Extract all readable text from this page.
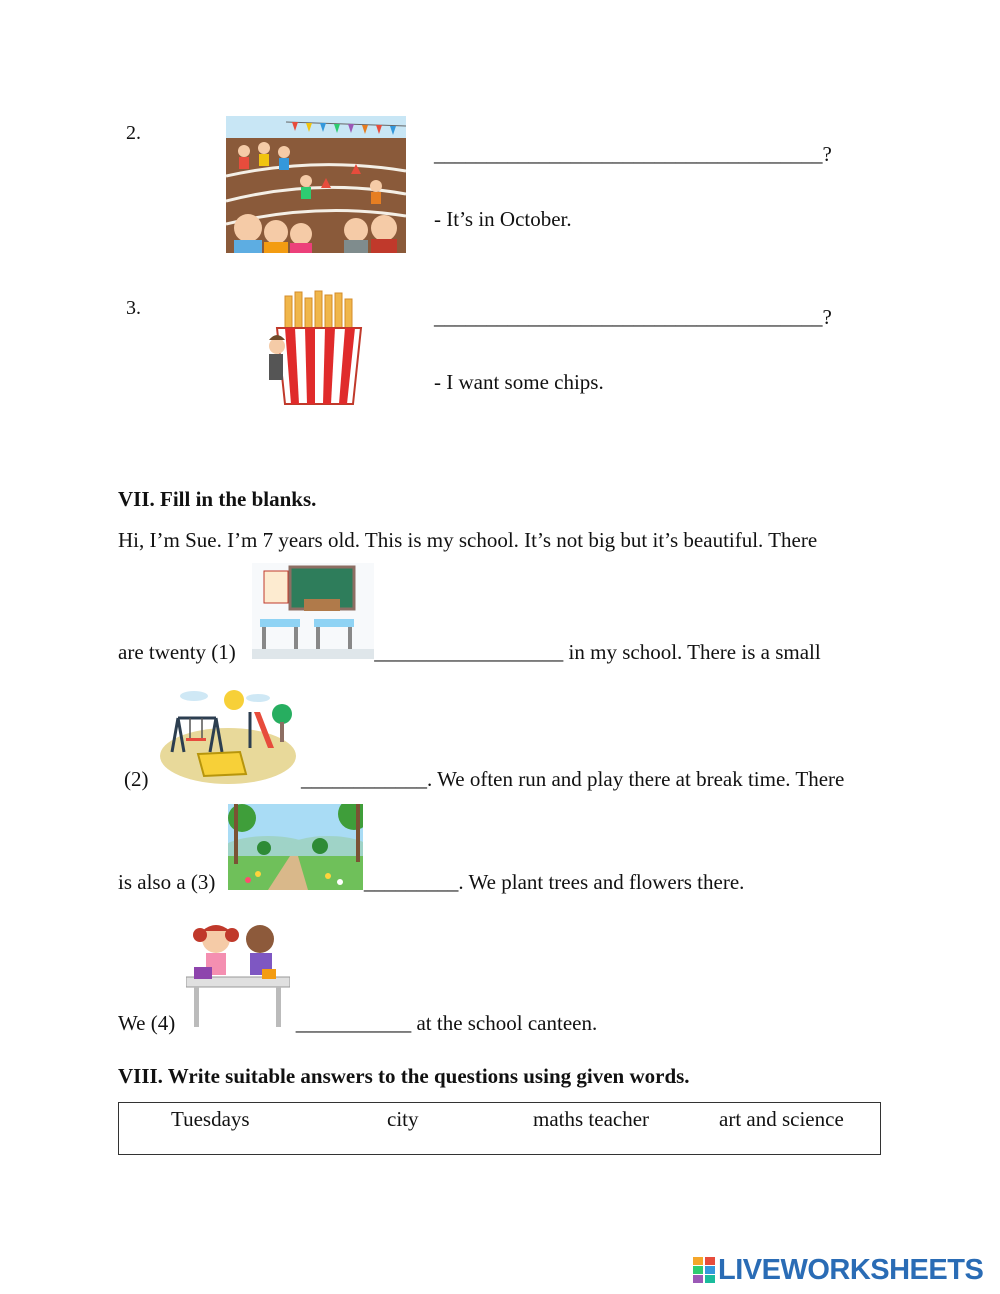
2.
_____________________________________?
- It’s in October.
3.	_____________________________________?
- I want some chips.
VII. Fill in the blanks.
Hi, I’m Sue. I’m 7 years old. This is my school. It’s not big but it’s beautiful. There
are twenty (1)	__________________ in my school. There is a small
(2)	____________. We often run and play there at break time. There
is also a (3)	_________. We plant trees and flowers there.
We (4)	___________ at the school canteen.
VIII. Write suitable answers to the questions using given words.
Tuesdays	city	maths teacher	art and science
LIVEWORKSHEETS
